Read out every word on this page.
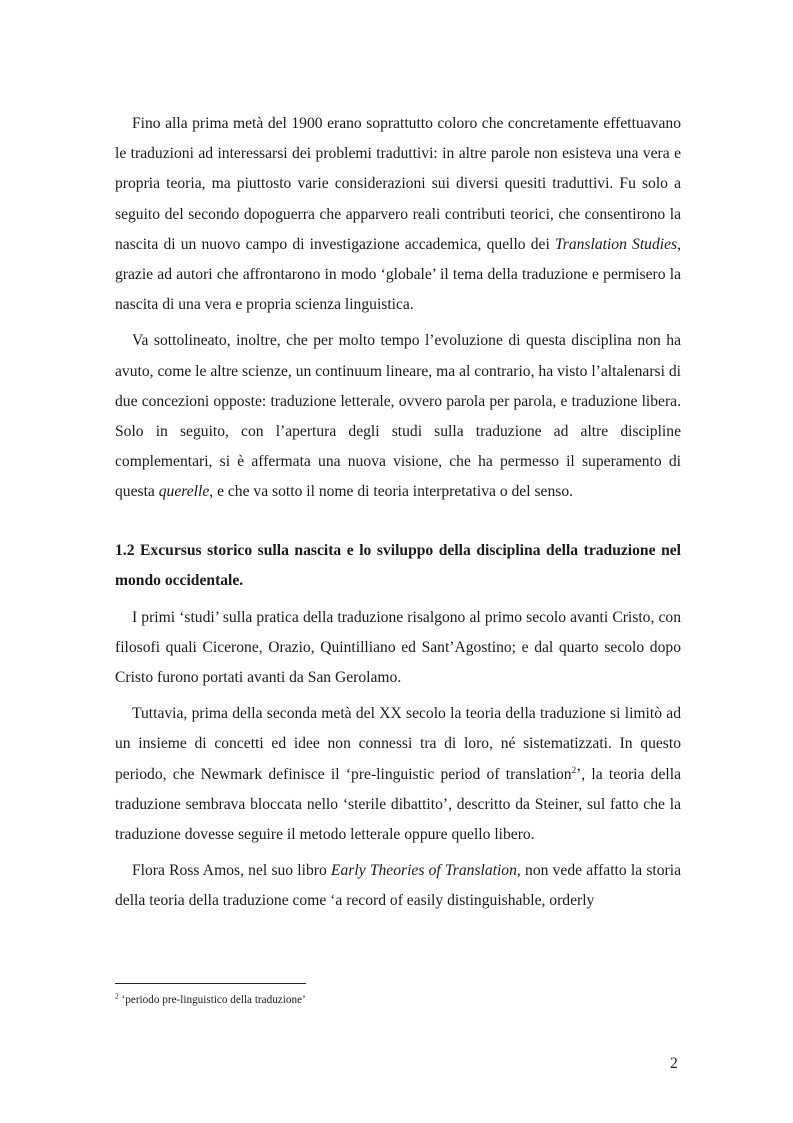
Fino alla prima metà del 1900 erano soprattutto coloro che concretamente effettuavano le traduzioni ad interessarsi dei problemi traduttivi: in altre parole non esisteva una vera e propria teoria, ma piuttosto varie considerazioni sui diversi quesiti traduttivi. Fu solo a seguito del secondo dopoguerra che apparvero reali contributi teorici, che consentirono la nascita di un nuovo campo di investigazione accademica, quello dei Translation Studies, grazie ad autori che affrontarono in modo ‘globale’ il tema della traduzione e permisero la nascita di una vera e propria scienza linguistica.

Va sottolineato, inoltre, che per molto tempo l’evoluzione di questa disciplina non ha avuto, come le altre scienze, un continuum lineare, ma al contrario, ha visto l’altalenarsi di due concezioni opposte: traduzione letterale, ovvero parola per parola, e traduzione libera. Solo in seguito, con l’apertura degli studi sulla traduzione ad altre discipline complementari, si è affermata una nuova visione, che ha permesso il superamento di questa querelle, e che va sotto il nome di teoria interpretativa o del senso.

1.2 Excursus storico sulla nascita e lo sviluppo della disciplina della traduzione nel mondo occidentale.

I primi ‘studi’ sulla pratica della traduzione risalgono al primo secolo avanti Cristo, con filosofi quali Cicerone, Orazio, Quintilliano ed Sant’Agostino; e dal quarto secolo dopo Cristo furono portati avanti da San Gerolamo.

Tuttavia, prima della seconda metà del XX secolo la teoria della traduzione si limitò ad un insieme di concetti ed idee non connessi tra di loro, né sistematizzati. In questo periodo, che Newmark definisce il ‘pre-linguistic period of translation$^2$’, la teoria della traduzione sembrava bloccata nello ‘sterile dibattito’, descritto da Steiner, sul fatto che la traduzione dovesse seguire il metodo letterale oppure quello libero.

Flora Ross Amos, nel suo libro Early Theories of Translation, non vede affatto la storia della teoria della traduzione come ‘a record of easily distinguishable, orderly

$^2$ ‘periodo pre-linguistico della traduzione’
2
